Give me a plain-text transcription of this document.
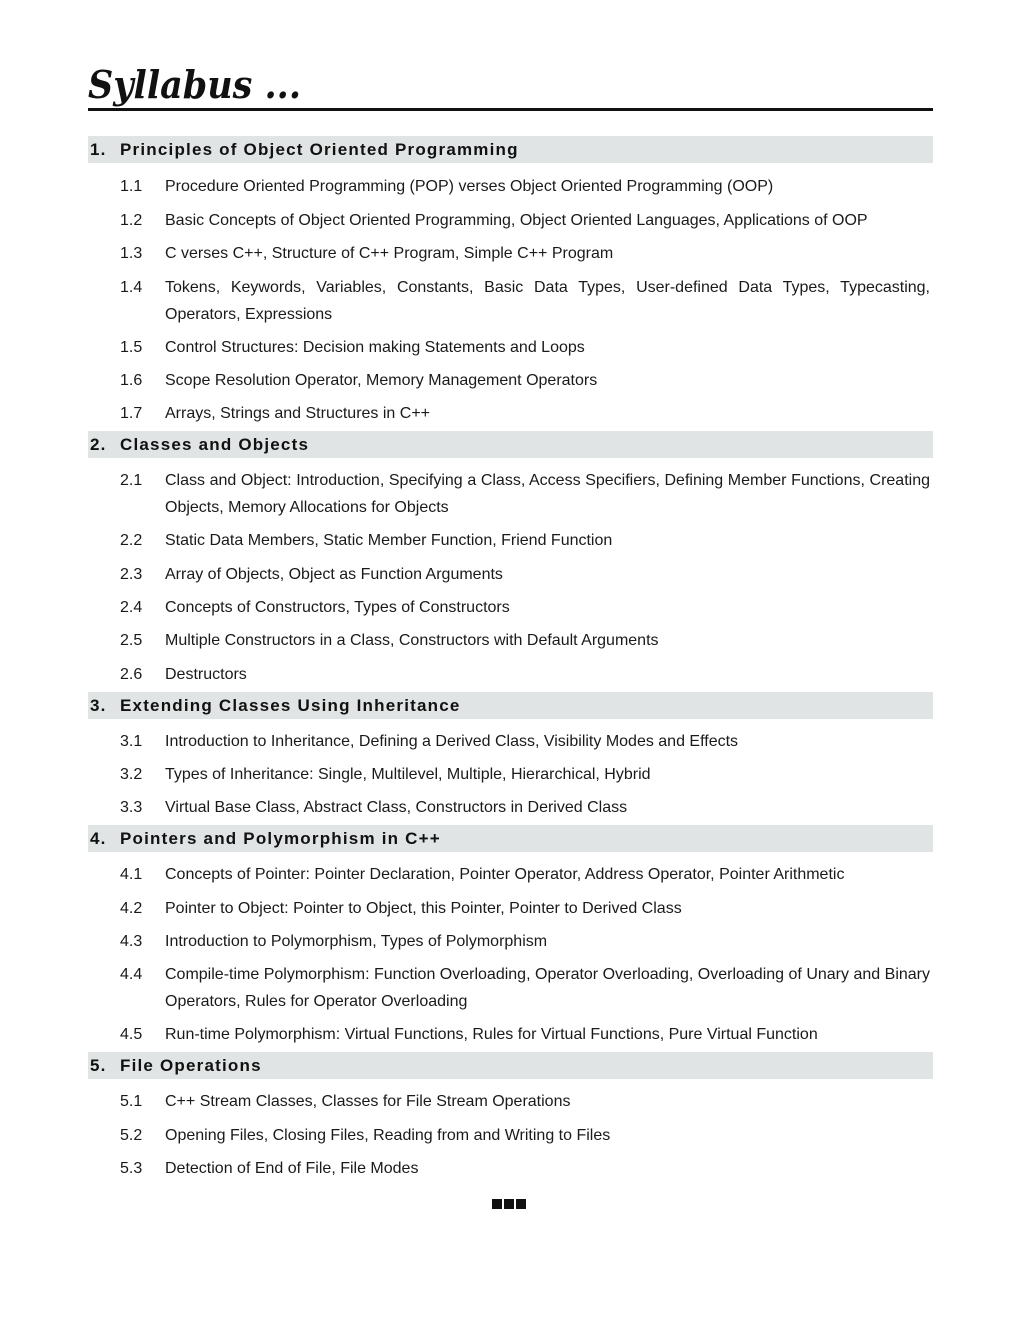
Syllabus ...
1. Principles of Object Oriented Programming
1.1	Procedure Oriented Programming (POP) verses Object Oriented Programming (OOP)
1.2	Basic Concepts of Object Oriented Programming, Object Oriented Languages, Applications of OOP
1.3	C verses C++, Structure of C++ Program, Simple C++ Program
1.4	Tokens, Keywords, Variables, Constants, Basic Data Types, User-defined Data Types, Typecasting, Operators, Expressions
1.5	Control Structures: Decision making Statements and Loops
1.6	Scope Resolution Operator, Memory Management Operators
1.7	Arrays, Strings and Structures in C++
2. Classes and Objects
2.1	Class and Object: Introduction, Specifying a Class, Access Specifiers, Defining Member Functions, Creating Objects, Memory Allocations for Objects
2.2	Static Data Members, Static Member Function, Friend Function
2.3	Array of Objects, Object as Function Arguments
2.4	Concepts of Constructors, Types of Constructors
2.5	Multiple Constructors in a Class, Constructors with Default Arguments
2.6	Destructors
3. Extending Classes Using Inheritance
3.1	Introduction to Inheritance, Defining a Derived Class, Visibility Modes and Effects
3.2	Types of Inheritance: Single, Multilevel, Multiple, Hierarchical, Hybrid
3.3	Virtual Base Class, Abstract Class, Constructors in Derived Class
4. Pointers and Polymorphism in C++
4.1	Concepts of Pointer: Pointer Declaration, Pointer Operator, Address Operator, Pointer Arithmetic
4.2	Pointer to Object: Pointer to Object, this Pointer, Pointer to Derived Class
4.3	Introduction to Polymorphism, Types of Polymorphism
4.4	Compile-time Polymorphism: Function Overloading, Operator Overloading, Overloading of Unary and Binary Operators, Rules for Operator Overloading
4.5	Run-time Polymorphism: Virtual Functions, Rules for Virtual Functions, Pure Virtual Function
5. File Operations
5.1	C++ Stream Classes, Classes for File Stream Operations
5.2	Opening Files, Closing Files, Reading from and Writing to Files
5.3	Detection of End of File, File Modes
